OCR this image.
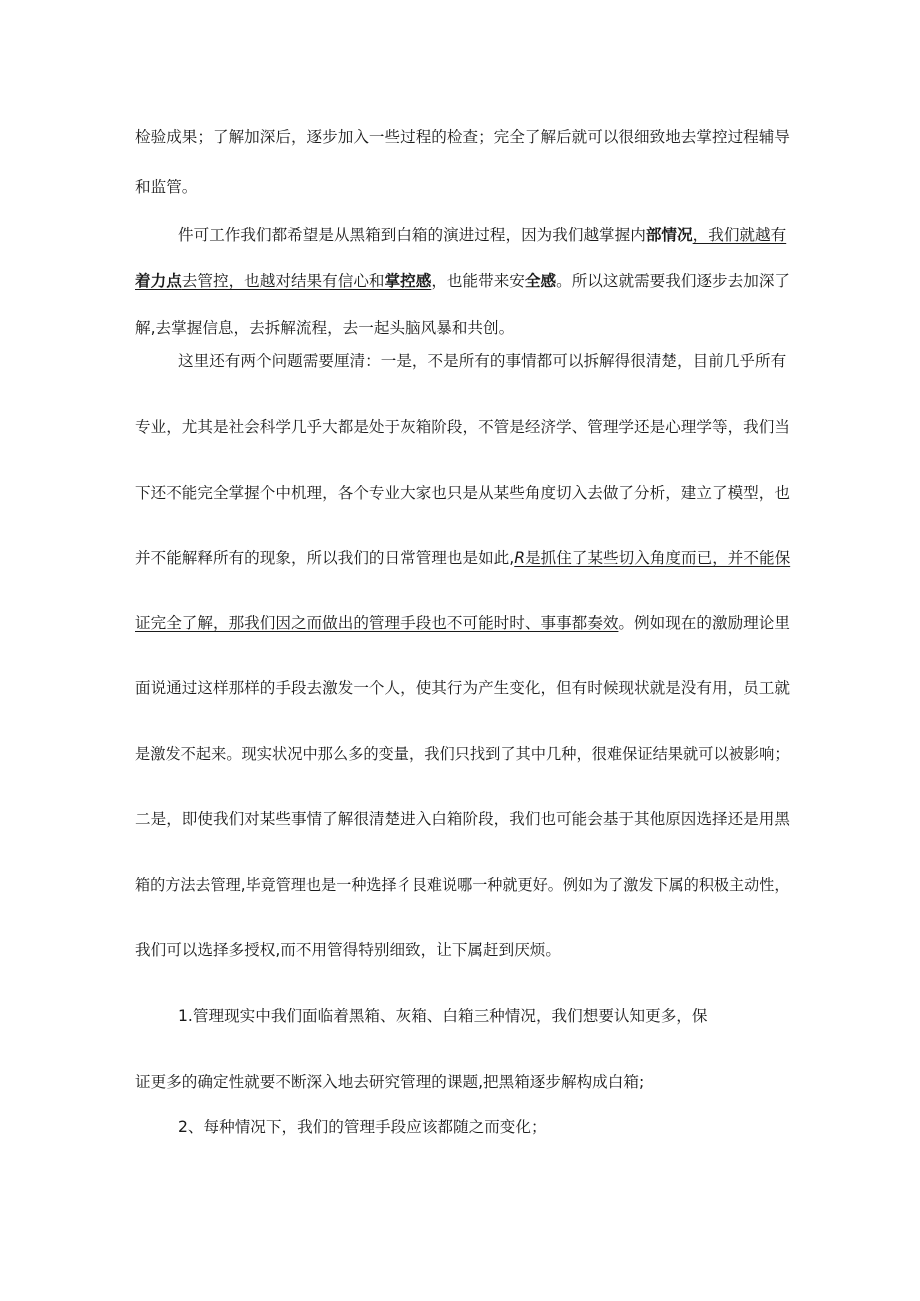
检验成果；了解加深后，逐步加入一些过程的检查；完全了解后就可以很细致地去掌控过程辅导
和监管。
件可工作我们都希望是从黑箱到白箱的演进过程，因为我们越掌握内部情况，我们就越有
着力点去管控，也越对结果有信心和掌控感，也能带来安全感。所以这就需要我们逐步去加深了
解,去掌握信息，去拆解流程，去一起头脑风暴和共创。
这里还有两个问题需要厘清：一是，不是所有的事情都可以拆解得很清楚，目前几乎所有
专业，尤其是社会科学几乎大都是处于灰箱阶段，不管是经济学、管理学还是心理学等，我们当
下还不能完全掌握个中机理，各个专业大家也只是从某些角度切入去做了分析，建立了模型，也
并不能解释所有的现象，所以我们的日常管理也是如此,R是抓住了某些切入角度而已，并不能保
证完全了解，那我们因之而做出的管理手段也不可能时时、事事都奏效。例如现在的激励理论里
面说通过这样那样的手段去激发一个人，使其行为产生变化，但有时候现状就是没有用，员工就
是激发不起来。现实状况中那么多的变量，我们只找到了其中几种，很难保证结果就可以被影响；
二是，即使我们对某些事情了解很清楚进入白箱阶段，我们也可能会基于其他原因选择还是用黑
箱的方法去管理,毕竟管理也是一种选择彳艮难说哪一种就更好。例如为了激发下属的积极主动性，
我们可以选择多授权,而不用管得特别细致，让下属赶到厌烦。
1.管理现实中我们面临着黑箱、灰箱、白箱三种情况，我们想要认知更多，保
证更多的确定性就要不断深入地去研究管理的课题,把黑箱逐步解构成白箱;
2、每种情况下，我们的管理手段应该都随之而变化；
